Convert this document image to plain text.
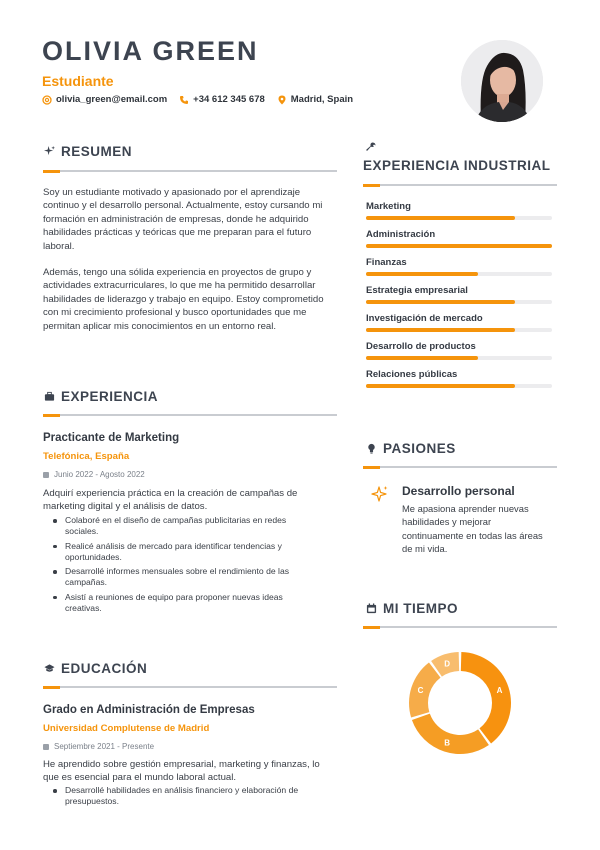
OLIVIA GREEN
Estudiante
olivia_green@email.com	+34 612 345 678	Madrid, Spain
RESUMEN
Soy un estudiante motivado y apasionado por el aprendizaje continuo y el desarrollo personal. Actualmente, estoy cursando mi formación en administración de empresas, donde he adquirido habilidades prácticas y teóricas que me preparan para el futuro laboral.
Además, tengo una sólida experiencia en proyectos de grupo y actividades extracurriculares, lo que me ha permitido desarrollar habilidades de liderazgo y trabajo en equipo. Estoy comprometido con mi crecimiento profesional y busco oportunidades que me permitan aplicar mis conocimientos en un entorno real.
EXPERIENCIA
Practicante de Marketing
Telefónica, España
Junio 2022 - Agosto 2022
Adquirí experiencia práctica en la creación de campañas de marketing digital y el análisis de datos.
Colaboré en el diseño de campañas publicitarias en redes sociales.
Realicé análisis de mercado para identificar tendencias y oportunidades.
Desarrollé informes mensuales sobre el rendimiento de las campañas.
Asistí a reuniones de equipo para proponer nuevas ideas creativas.
EDUCACIÓN
Grado en Administración de Empresas
Universidad Complutense de Madrid
Septiembre 2021 - Presente
He aprendido sobre gestión empresarial, marketing y finanzas, lo que es esencial para el mundo laboral actual.
Desarrollé habilidades en análisis financiero y elaboración de presupuestos.
EXPERIENCIA INDUSTRIAL
Marketing
Administración
Finanzas
Estrategia empresarial
Investigación de mercado
Desarrollo de productos
Relaciones públicas
PASIONES
Desarrollo personal
Me apasiona aprender nuevas habilidades y mejorar continuamente en todas las áreas de mi vida.
MI TIEMPO
A
B
C
D
